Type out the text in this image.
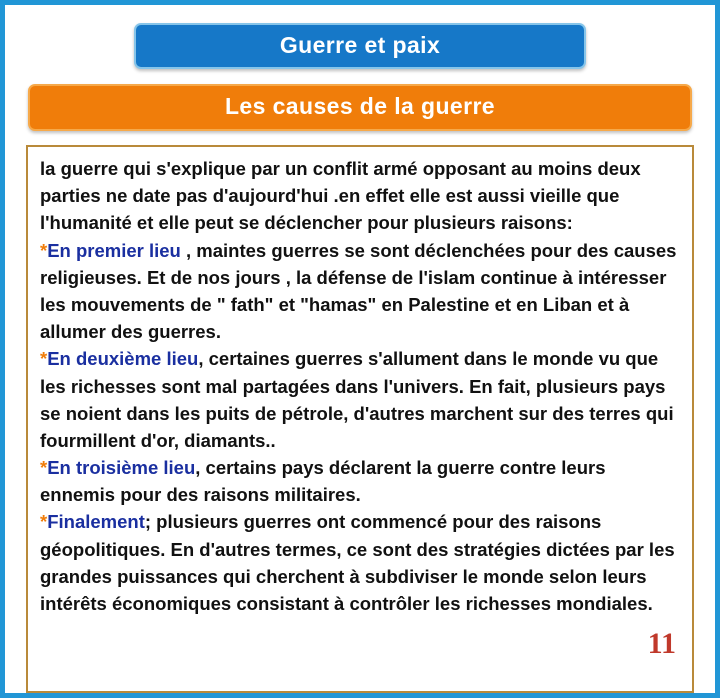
Guerre et paix
Les causes de la guerre

la guerre qui s'explique par un conflit armé opposant au moins deux parties ne date pas d'aujourd'hui .en effet elle est aussi vieille que l'humanité et elle peut se déclencher pour plusieurs raisons:

*En premier lieu , maintes guerres se sont déclenchées pour des causes religieuses. Et de nos jours , la défense de l'islam continue à intéresser les mouvements de " fath" et "hamas" en Palestine et en Liban et à allumer des guerres.

*En deuxième lieu, certaines guerres s'allument dans le monde vu que les richesses sont mal partagées dans l'univers. En fait, plusieurs pays se noient dans les puits de pétrole, d'autres marchent sur des terres qui fourmillent d'or, diamants..

*En troisième lieu, certains pays déclarent la guerre contre leurs ennemis pour des raisons militaires.

*Finalement; plusieurs guerres ont commencé pour des raisons géopolitiques. En d'autres termes, ce sont des stratégies dictées par les grandes puissances qui cherchent à subdiviser le monde selon leurs intérêts économiques consistant à contrôler les richesses mondiales.

11
